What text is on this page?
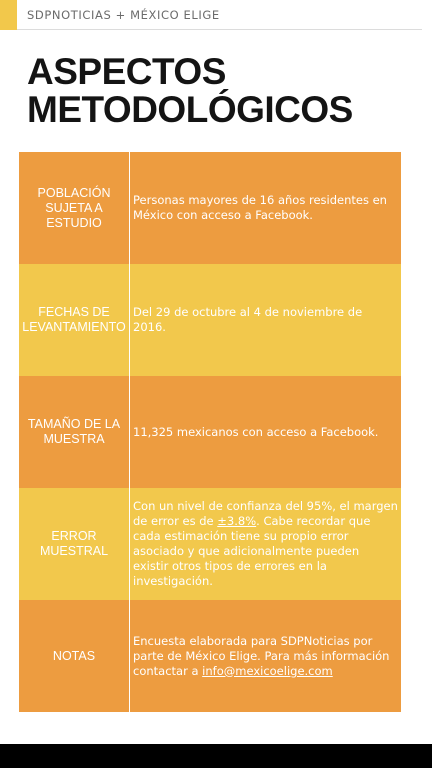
SDPNOTICIAS + MÉXICO ELIGE
ASPECTOS
METODOLÓGICOS
POBLACIÓN SUJETA A ESTUDIO
Personas mayores de 16 años residentes en México con acceso a Facebook.
FECHAS DE LEVANTAMIENTO
Del 29 de octubre al 4 de noviembre de 2016.
TAMAÑO DE LA MUESTRA
11,325 mexicanos con acceso a Facebook.
ERROR MUESTRAL
Con un nivel de confianza del 95%, el margen de error es de ±3.8%. Cabe recordar que cada estimación tiene su propio error asociado y que adicionalmente pueden existir otros tipos de errores en la investigación.
NOTAS
Encuesta elaborada para SDPNoticias por parte de México Elige. Para más información contactar a info@mexicoelige.com
